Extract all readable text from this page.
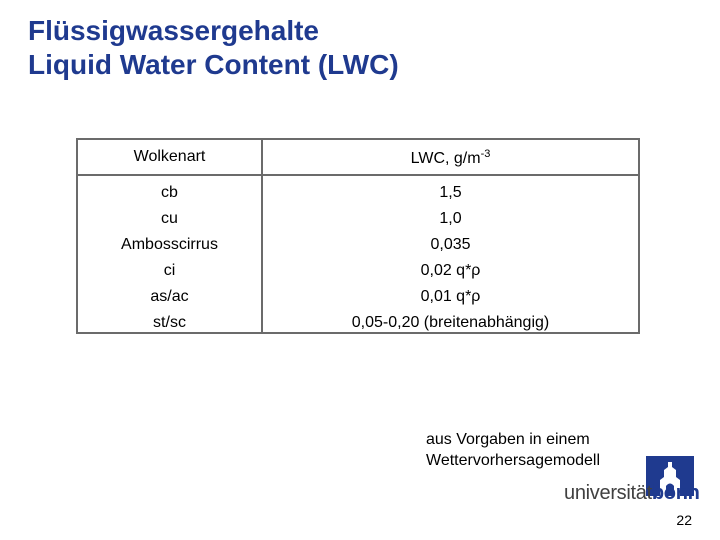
Flüssigwassergehalte
Liquid Water Content (LWC)
Wolkenart	LWC, $g/m^{-3}$
cb
cu
Ambosscirrus
ci
as/ac
st/sc
1,5
1,0
0,035
0,02 q*ρ
0,01 q*ρ
0,05-0,20 (breitenabhängig)
aus Vorgaben in einem
Wettervorhersagemodell
universitätbonn
22
